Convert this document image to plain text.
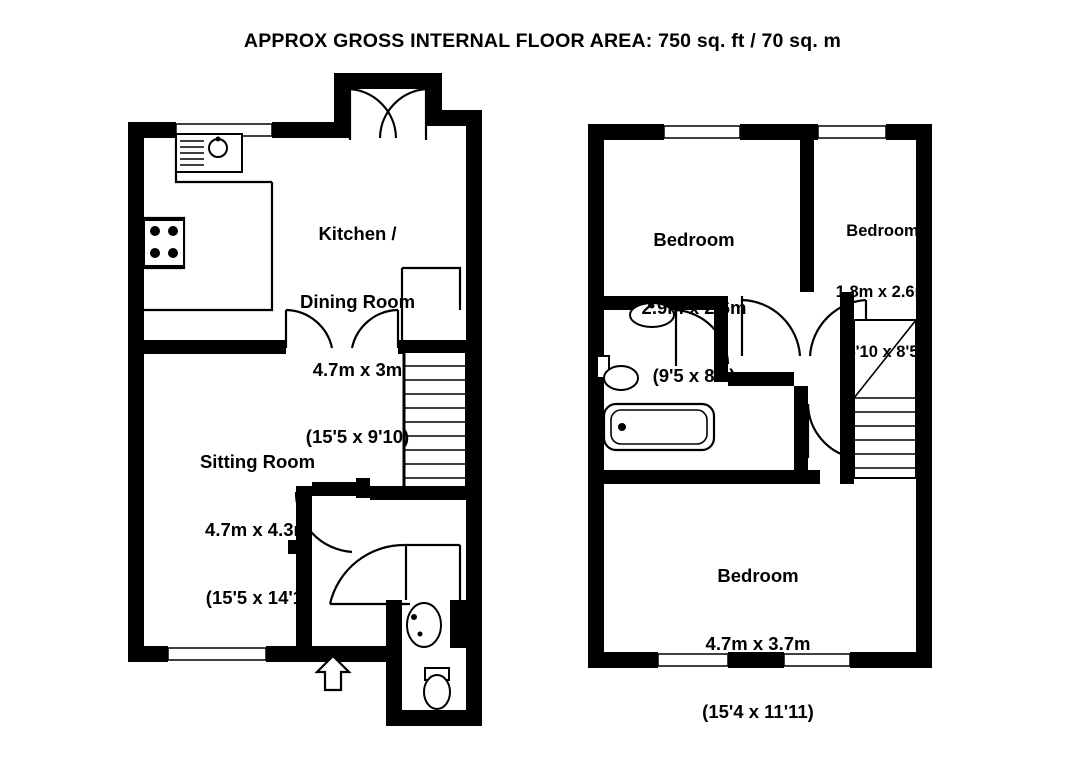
APPROX GROSS INTERNAL FLOOR AREA: 750 sq. ft / 70 sq. m

Kitchen /

Dining Room

4.7m x 3m

(15'5 x 9'10)

Sitting Room

4.7m x 4.3m

(15'5 x 14'1)

Bedroom

2.9m x 2.6m

(9'5 x 8'5)

Bedroom

1.8m x 2.6m

(5'10 x 8'5)

Bedroom

4.7m x 3.7m

(15'4 x 11'11)
